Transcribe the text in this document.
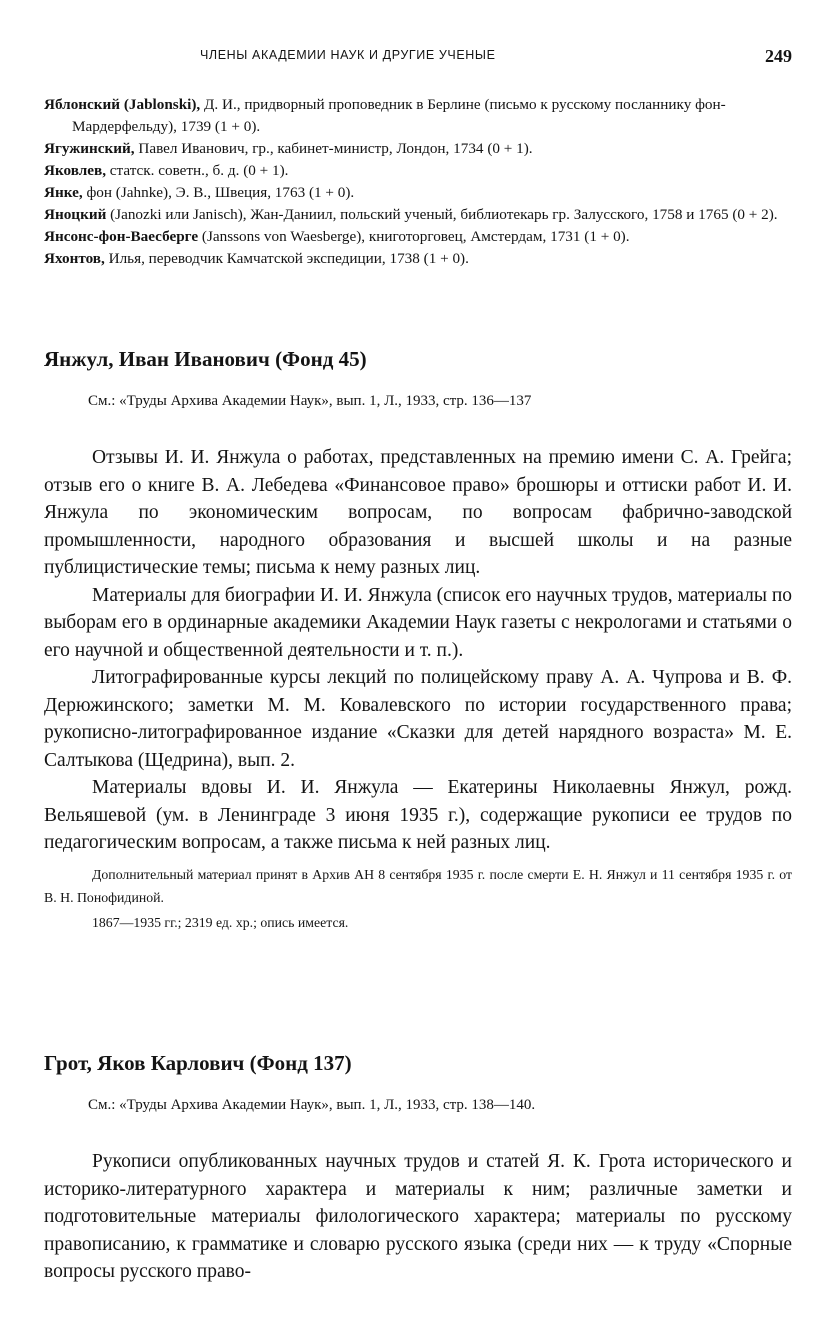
ЧЛЕНЫ АКАДЕМИИ НАУК И ДРУГИЕ УЧЕНЫЕ	249

Яблонский (Jablonski), Д. И., придворный проповедник в Берлине (письмо к русскому посланнику фон-Мардерфельду), 1739 (1 + 0).

Ягужинский, Павел Иванович, гр., кабинет-министр, Лондон, 1734 (0 + 1).

Яковлев, статск. советн., б. д. (0 + 1).

Янке, фон (Jahnke), Э. В., Швеция, 1763 (1 + 0).

Яноцкий (Janozki или Janisch), Жан-Даниил, польский ученый, библиотекарь гр. Залусского, 1758 и 1765 (0 + 2).

Янсонс-фон-Ваесберге (Janssons von Waesberge), книготорговец, Амстердам, 1731 (1 + 0).

Яхонтов, Илья, переводчик Камчатской экспедиции, 1738 (1 + 0).

Янжул, Иван Иванович (Фонд 45)

См.: «Труды Архива Академии Наук», вып. 1, Л., 1933, стр. 136—137

Отзывы И. И. Янжула о работах, представленных на премию имени С. А. Грейга; отзыв его о книге В. А. Лебедева «Финансовое право» брошюры и оттиски работ И. И. Янжула по экономическим вопросам, по вопросам фабрично-заводской промышленности, народного образования и высшей школы и на разные публицистические темы; письма к нему разных лиц.

Материалы для биографии И. И. Янжула (список его научных трудов, материалы по выборам его в ординарные академики Академии Наук газеты с некрологами и статьями о его научной и общественной деятельности и т. п.).

Литографированные курсы лекций по полицейскому праву А. А. Чупрова и В. Ф. Дерюжинского; заметки М. М. Ковалевского по истории государственного права; рукописно-литографированное издание «Сказки для детей нарядного возраста» М. Е. Салтыкова (Щедрина), вып. 2.

Материалы вдовы И. И. Янжула — Екатерины Николаевны Янжул, рожд. Вельяшевой (ум. в Ленинграде 3 июня 1935 г.), содержащие рукописи ее трудов по педагогическим вопросам, а также письма к ней разных лиц.

Дополнительный материал принят в Архив АН 8 сентября 1935 г. после смерти Е. Н. Янжул и 11 сентября 1935 г. от В. Н. Понофидиной.

1867—1935 гг.; 2319 ед. хр.; опись имеется.

Грот, Яков Карлович (Фонд 137)

См.: «Труды Архива Академии Наук», вып. 1, Л., 1933, стр. 138—140.

Рукописи опубликованных научных трудов и статей Я. К. Грота исторического и историко-литературного характера и материалы к ним; различные заметки и подготовительные материалы филологического характера; материалы по русскому правописанию, к грамматике и словарю русского языка (среди них — к труду «Спорные вопросы русского право-
